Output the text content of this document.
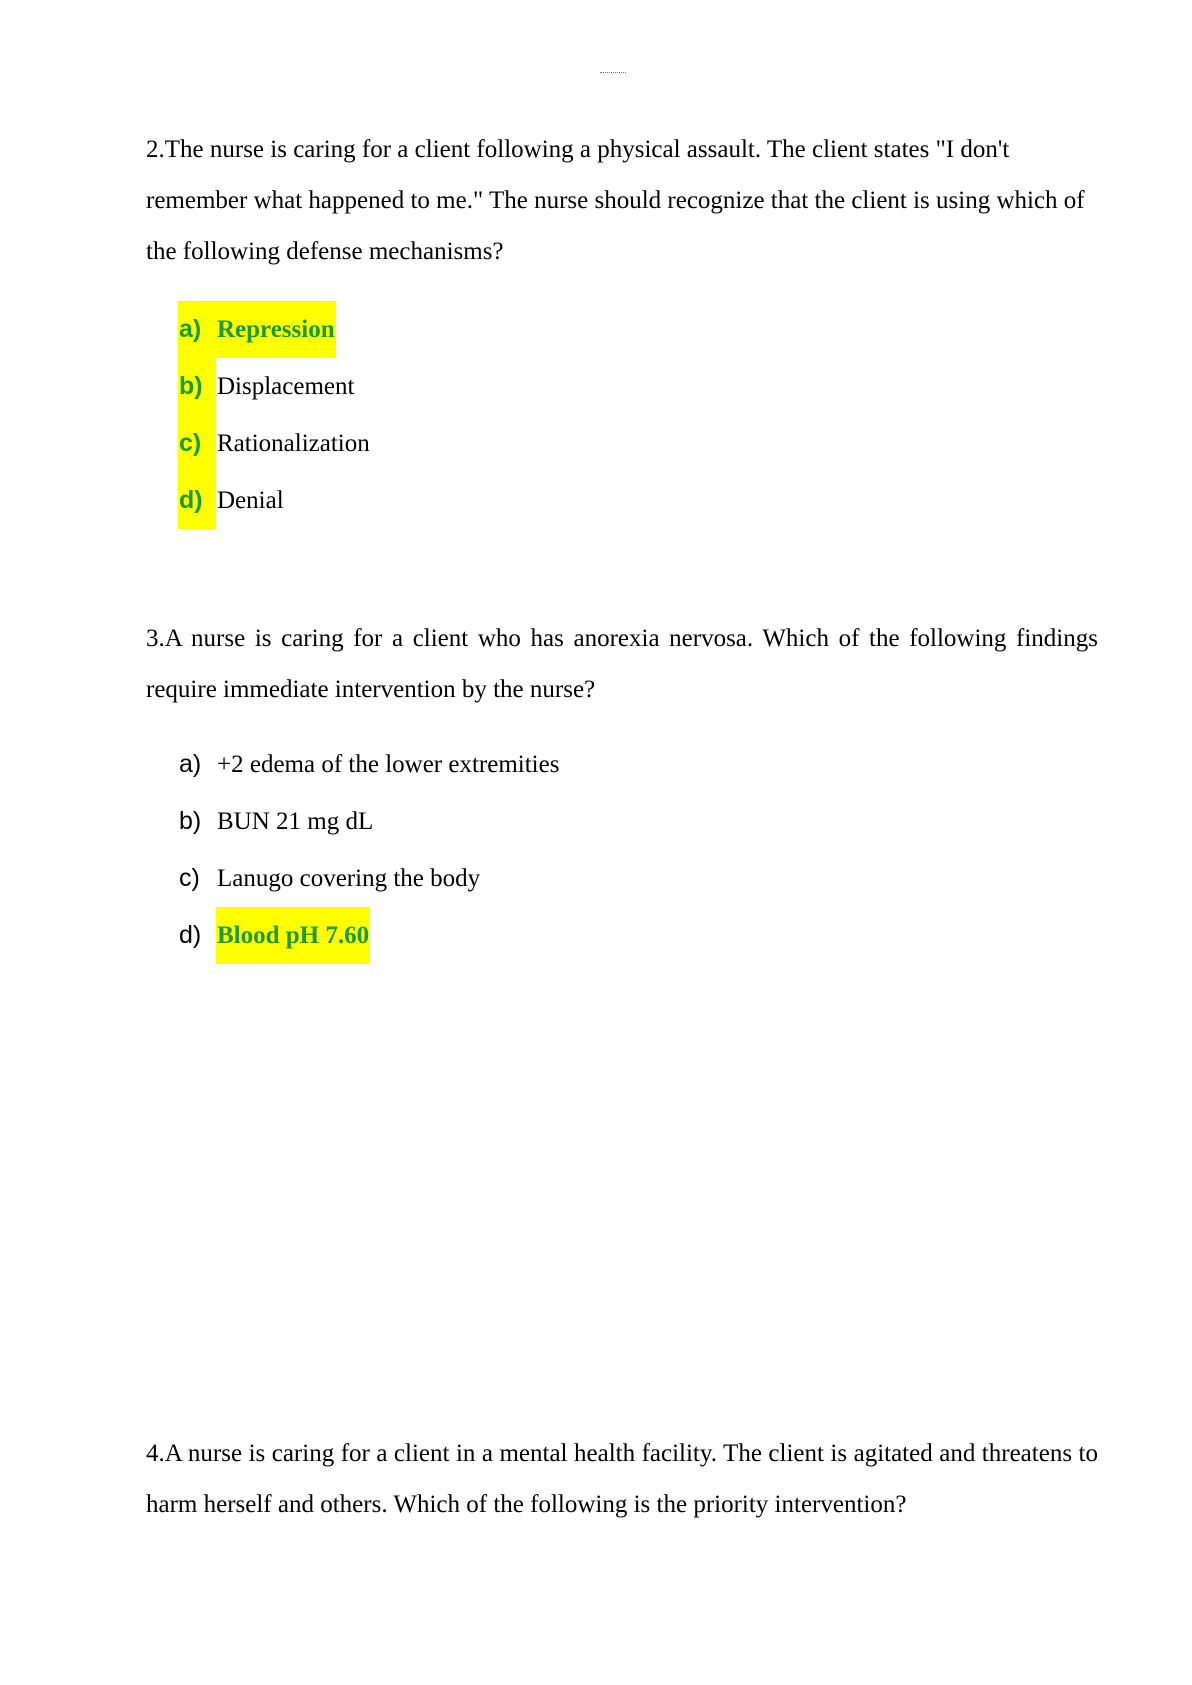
2.The nurse is caring for a client following a physical assault. The client states "I don't remember what happened to me." The nurse should recognize that the client is using which of the following defense mechanisms?

a) Repression
b) Displacement
c) Rationalization
d) Denial

3.A nurse is caring for a client who has anorexia nervosa. Which of the following findings require immediate intervention by the nurse?

a) +2 edema of the lower extremities
b) BUN 21 mg dL
c) Lanugo covering the body
d) Blood pH 7.60

4.A nurse is caring for a client in a mental health facility. The client is agitated and threatens to harm herself and others. Which of the following is the priority intervention?
